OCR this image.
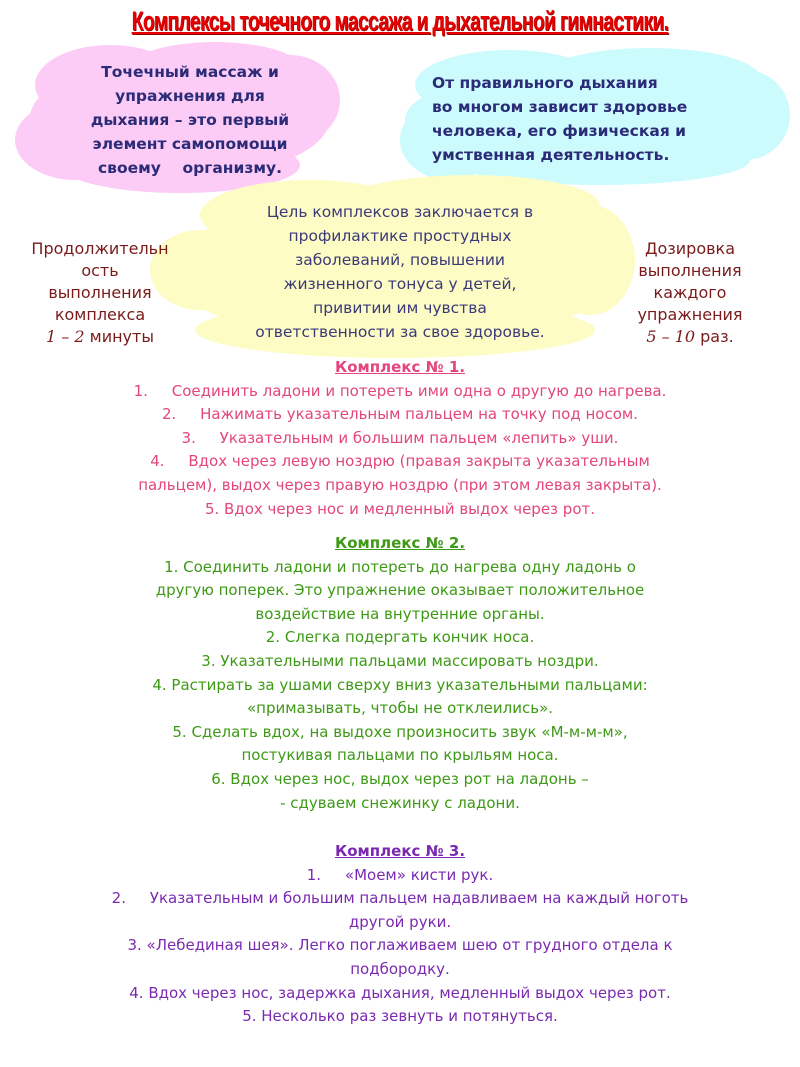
Комплексы точечного массажа и дыхательной гимнастики.
Точечный массаж и
упражнения для
дыхания – это первый
элемент самопомощи
своему    организму.
От правильного дыхания
во многом зависит здоровье
человека, его физическая и
умственная деятельность.
Цель комплексов заключается в
профилактике простудных
заболеваний, повышении
жизненного тонуса у детей,
привитии им чувства
ответственности за свое здоровье.
Продолжительн
ость
выполнения
комплекса
1 – 2 минуты
Дозировка
выполнения
каждого
упражнения
5 – 10 раз.
Комплекс № 1.
1.     Соединить ладони и потереть ими одна о другую до нагрева.
2.     Нажимать указательным пальцем на точку под носом.
3.     Указательным и большим пальцем «лепить» уши.
4.     Вдох через левую ноздрю (правая закрыта указательным
пальцем), выдох через правую ноздрю (при этом левая закрыта).
5. Вдох через нос и медленный выдох через рот.
Комплекс № 2.
1. Соединить ладони и потереть до нагрева одну ладонь о
другую поперек. Это упражнение оказывает положительное
воздействие на внутренние органы.
2. Слегка подергать кончик носа.
3. Указательными пальцами массировать ноздри.
4. Растирать за ушами сверху вниз указательными пальцами:
«примазывать, чтобы не отклеились».
5. Сделать вдох, на выдохе произносить звук «М-м-м-м»,
постукивая пальцами по крыльям носа.
6. Вдох через нос, выдох через рот на ладонь –
- сдуваем снежинку с ладони.
Комплекс № 3.
1.     «Моем» кисти рук.
2.     Указательным и большим пальцем надавливаем на каждый ноготь
другой руки.
3. «Лебединая шея». Легко поглаживаем шею от грудного отдела к
подбородку.
4. Вдох через нос, задержка дыхания, медленный выдох через рот.
5. Несколько раз зевнуть и потянуться.
